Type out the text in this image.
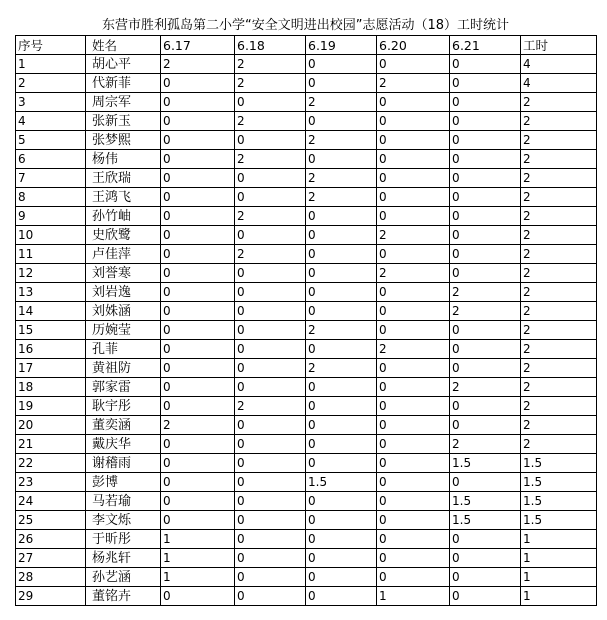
东营市胜利孤岛第二小学“安全文明进出校园”志愿活动（18）工时统计
序号	姓名	6.17	6.18	6.19	6.20	6.21	工时
1	胡心平	2	2	0	0	0	4
2	代新菲	0	2	0	2	0	4
3	周宗军	0	0	2	0	0	2
4	张新玉	0	2	0	0	0	2
5	张梦熙	0	0	2	0	0	2
6	杨伟	0	2	0	0	0	2
7	王欣瑞	0	0	2	0	0	2
8	王鸿飞	0	0	2	0	0	2
9	孙竹岫	0	2	0	0	0	2
10	史欣鹭	0	0	0	2	0	2
11	卢佳萍	0	2	0	0	0	2
12	刘誉寒	0	0	0	2	0	2
13	刘岩逸	0	0	0	0	2	2
14	刘姝涵	0	0	0	0	2	2
15	历婉莹	0	0	2	0	0	2
16	孔菲	0	0	0	2	0	2
17	黄祖防	0	0	2	0	0	2
18	郭家雷	0	0	0	0	2	2
19	耿宇彤	0	2	0	0	0	2
20	董奕涵	2	0	0	0	0	2
21	戴庆华	0	0	0	0	2	2
22	谢稽雨	0	0	0	0	1.5	1.5
23	彭博	0	0	1.5	0	0	1.5
24	马若瑜	0	0	0	0	1.5	1.5
25	李文烁	0	0	0	0	1.5	1.5
26	于昕彤	1	0	0	0	0	1
27	杨兆轩	1	0	0	0	0	1
28	孙艺涵	1	0	0	0	0	1
29	董铭卉	0	0	0	1	0	1
